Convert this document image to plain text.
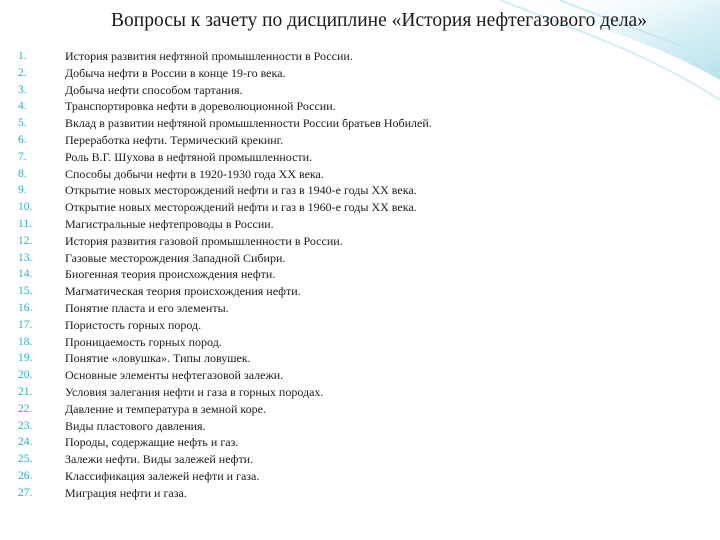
Вопросы к зачету по дисциплине «История нефтегазового дела»
1.	История развития нефтяной промышленности в России.
2.	Добыча нефти в России в конце 19-го века.
3.	Добыча нефти способом тартания.
4.	Транспортировка нефти в дореволюционной России.
5.	Вклад в развитии нефтяной промышленности России братьев Нобилей.
6.	Переработка нефти. Термический крекинг.
7.	Роль В.Г. Шухова в нефтяной промышленности.
8.	Способы добычи нефти в 1920-1930 года XX века.
9.	Открытие новых месторождений нефти и газ в 1940-е годы XX века.
10.	Открытие новых месторождений нефти и газ в 1960-е годы XX века.
11.	Магистральные нефтепроводы в России.
12.	История развития газовой промышленности в России.
13.	Газовые месторождения Западной Сибири.
14.	Биогенная теория происхождения нефти.
15.	Магматическая теория происхождения нефти.
16.	Понятие пласта и его элементы.
17.	Пористость горных пород.
18.	Проницаемость горных пород.
19.	Понятие «ловушка». Типы ловушек.
20.	Основные элементы нефтегазовой залежи.
21.	Условия залегания нефти и газа в горных породах.
22.	Давление и температура в земной коре.
23.	Виды пластового давления.
24.	Породы, содержащие нефть и газ.
25.	Залежи нефти. Виды залежей нефти.
26.	Классификация залежей нефти и газа.
27.	Миграция нефти и газа.
